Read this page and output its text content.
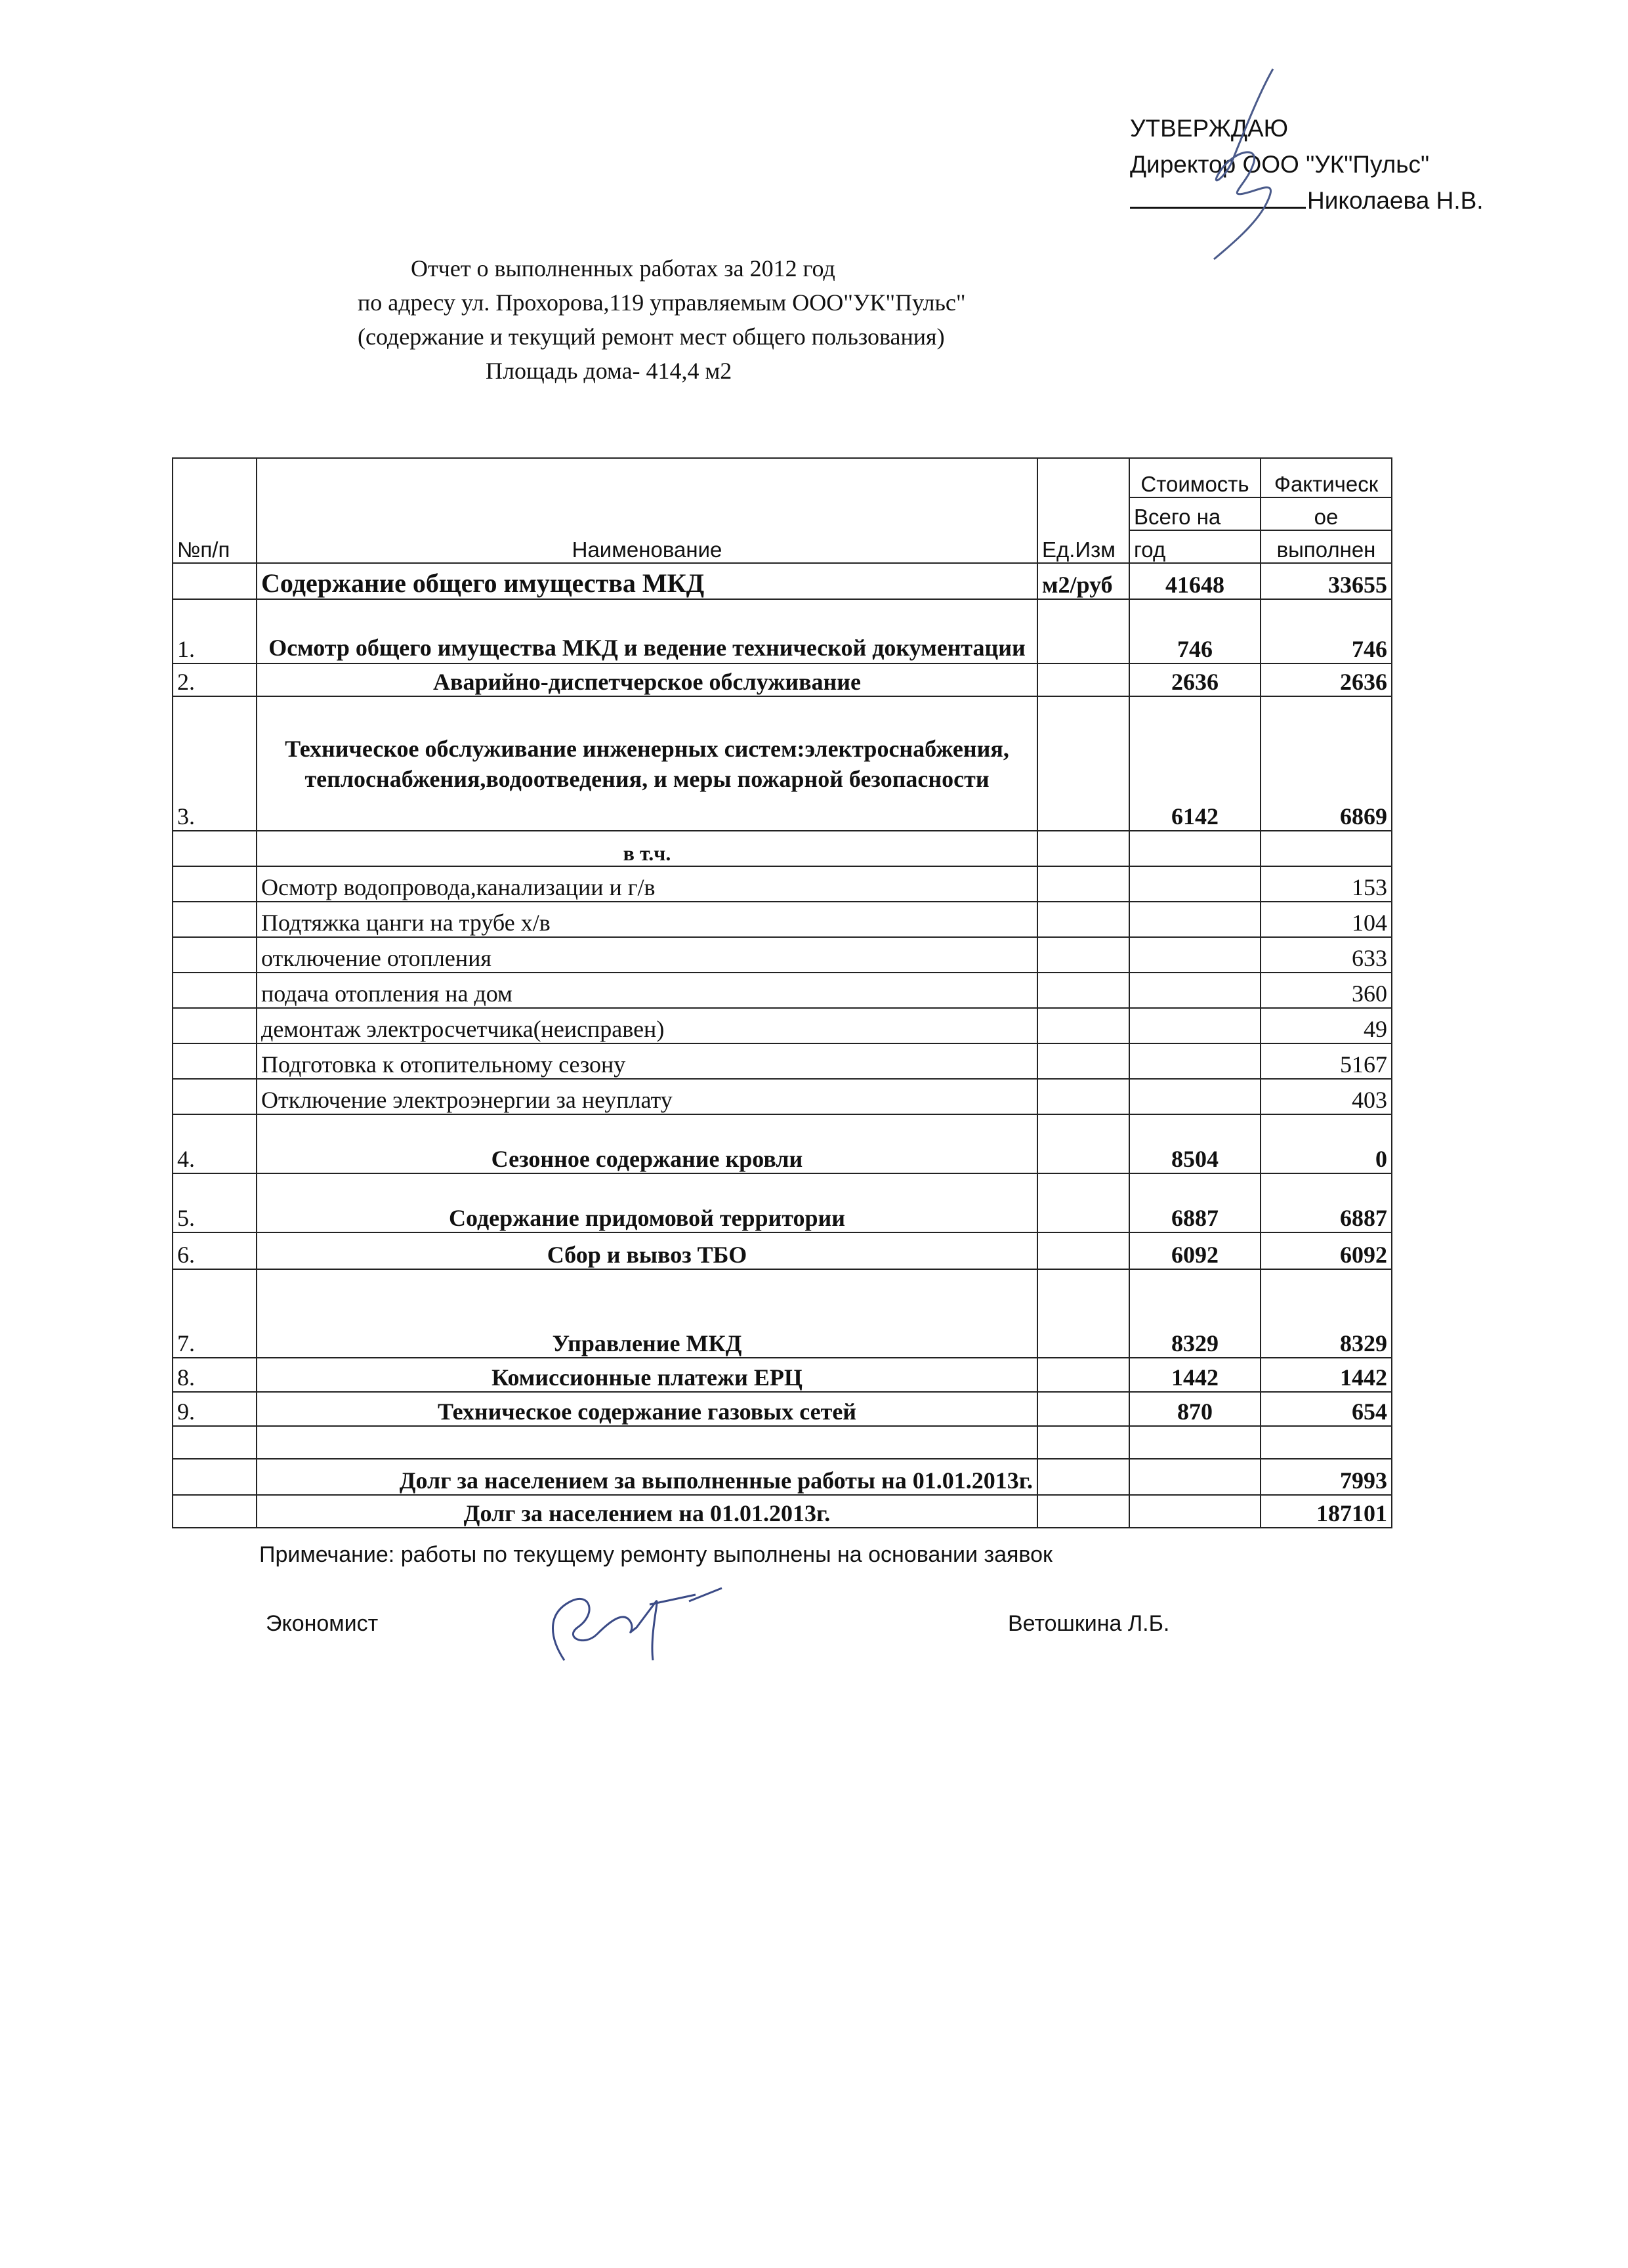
УТВЕРЖДАЮ
Директор ООО "УК"Пульс"
Николаева Н.В.
Отчет о выполненных работах за 2012 год
по адресу ул. Прохорова,119 управляемым ООО"УК"Пульс"
(содержание и текущий ремонт мест общего пользования)
Площадь дома- 414,4 м2
№п/п	Наименование	Ед.Изм	Стоимость	Фактическ
			Всего на	ое
			год	выполнен
	Содержание общего имущества МКД	м2/руб	41648	33655
1.	Осмотр общего имущества МКД и ведение технической документации		746	746
2.	Аварийно-диспетчерское обслуживание		2636	2636
3.	Техническое обслуживание инженерных систем:электроснабжения, теплоснабжения,водоотведения, и меры пожарной безопасности		6142	6869
	в т.ч.			
	Осмотр водопровода,канализации и г/в			153
	Подтяжка цанги на трубе х/в			104
	отключение отопления			633
	подача отопления на дом			360
	демонтаж электросчетчика(неисправен)			49
	Подготовка к отопительному сезону			5167
	Отключение электроэнергии за неуплату			403
4.	Сезонное содержание кровли		8504	0
5.	Содержание придомовой территории		6887	6887
6.	Сбор и вывоз ТБО		6092	6092
7.	Управление МКД		8329	8329
8.	Комиссионные платежи ЕРЦ		1442	1442
9.	Техническое содержание газовых сетей		870	654

	Долг за населением за выполненные работы на 01.01.2013г.			7993
	Долг за населением на 01.01.2013г.			187101
Примечание: работы по текущему ремонту выполнены на основании заявок
Экономист	Ветошкина Л.Б.
